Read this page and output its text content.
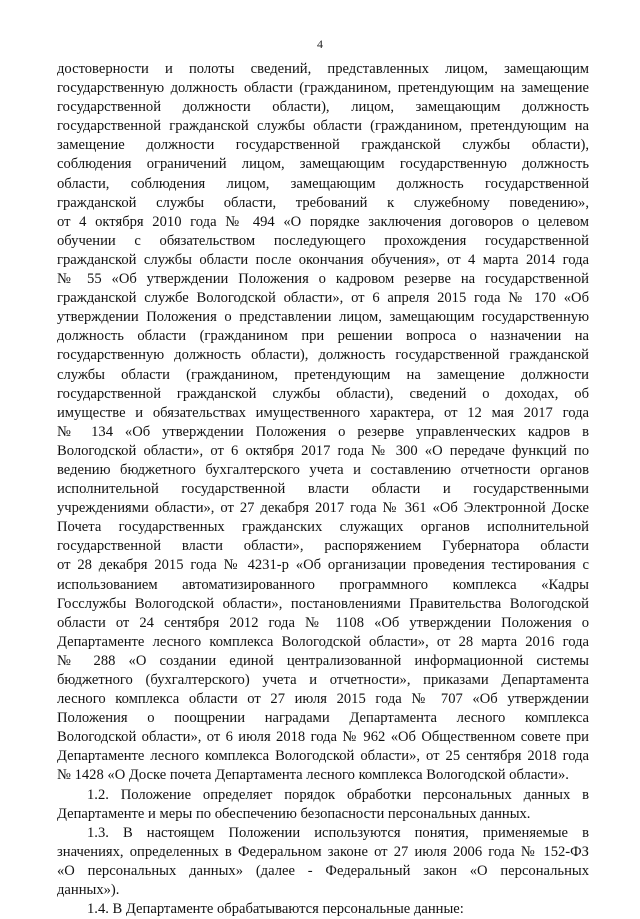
4
достоверности и полоты сведений, представленных лицом, замещающим
государственную должность области (гражданином, претендующим на замещение
государственной должности области), лицом, замещающим должность
государственной гражданской службы области (гражданином, претендующим на
замещение должности государственной гражданской службы области),
соблюдения ограничений лицом, замещающим государственную должность
области, соблюдения лицом, замещающим должность государственной
гражданской службы области, требований к служебному поведению»,
от 4 октября 2010 года № 494 «О порядке заключения договоров о целевом
обучении с обязательством последующего прохождения государственной
гражданской службы области после окончания обучения», от 4 марта 2014 года
№ 55 «Об утверждении Положения о кадровом резерве на государственной
гражданской службе Вологодской области», от 6 апреля 2015 года № 170 «Об
утверждении Положения о представлении лицом, замещающим государственную
должность области (гражданином при решении вопроса о назначении на
государственную должность области), должность государственной гражданской
службы области (гражданином, претендующим на замещение должности
государственной гражданской службы области), сведений о доходах, об
имуществе и обязательствах имущественного характера, от 12 мая 2017 года
№ 134 «Об утверждении Положения о резерве управленческих кадров в
Вологодской области», от 6 октября 2017 года № 300 «О передаче функций по
ведению бюджетного бухгалтерского учета и составлению отчетности органов
исполнительной государственной власти области и государственными
учреждениями области», от 27 декабря 2017 года № 361 «Об Электронной Доске
Почета государственных гражданских служащих органов исполнительной
государственной власти области», распоряжением Губернатора области
от 28 декабря 2015 года № 4231-р «Об организации проведения тестирования с
использованием автоматизированного программного комплекса «Кадры
Госслужбы Вологодской области», постановлениями Правительства Вологодской
области от 24 сентября 2012 года № 1108 «Об утверждении Положения о
Департаменте лесного комплекса Вологодской области», от 28 марта 2016 года
№ 288 «О создании единой централизованной информационной системы
бюджетного (бухгалтерского) учета и отчетности», приказами Департамента
лесного комплекса области от 27 июля 2015 года № 707 «Об утверждении
Положения о поощрении наградами Департамента лесного комплекса
Вологодской области», от 6 июля 2018 года № 962 «Об Общественном совете при
Департаменте лесного комплекса Вологодской области», от 25 сентября 2018 года
№ 1428 «О Доске почета Департамента лесного комплекса Вологодской области».
1.2. Положение определяет порядок обработки персональных данных в
Департаменте и меры по обеспечению безопасности персональных данных.
1.3. В настоящем Положении используются понятия, применяемые в
значениях, определенных в Федеральном законе от 27 июля 2006 года № 152-ФЗ
«О персональных данных» (далее - Федеральный закон «О персональных
данных»).
1.4. В Департаменте обрабатываются персональные данные:
